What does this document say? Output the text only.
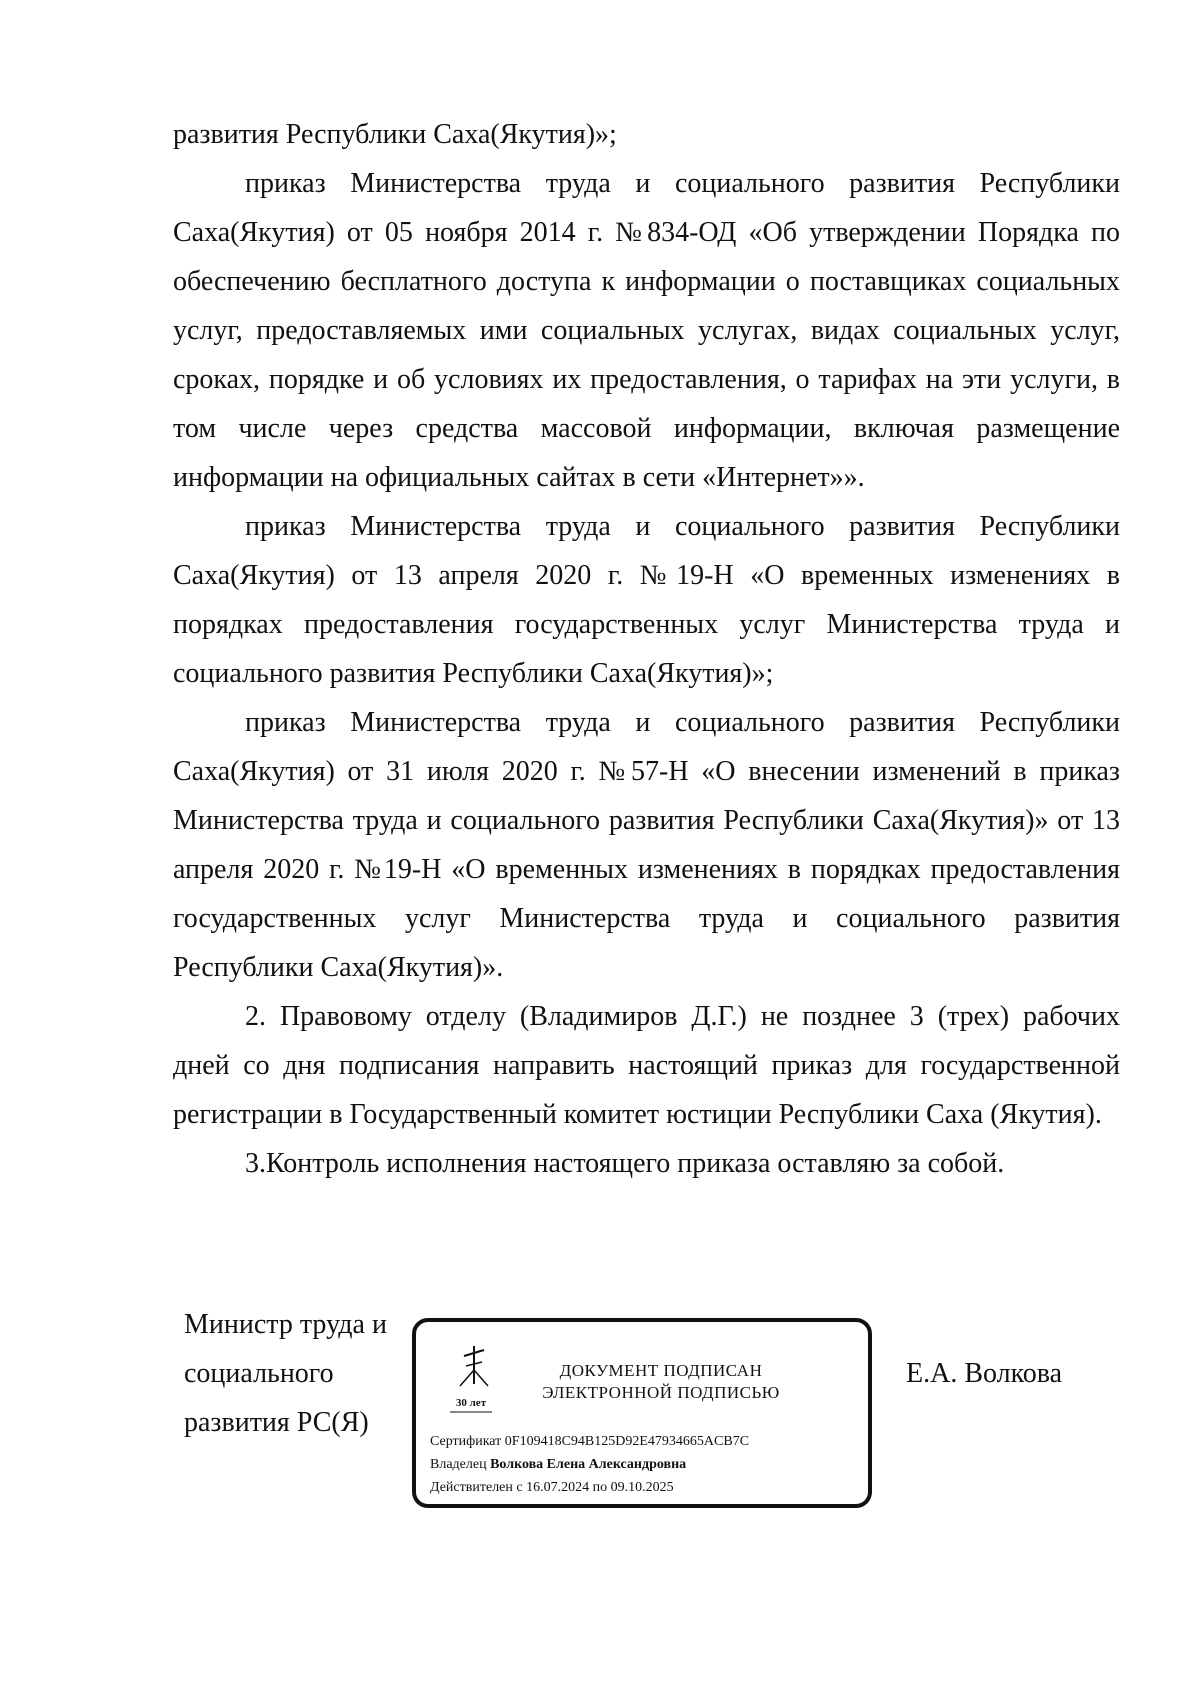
развития Республики Саха(Якутия)»;

приказ Министерства труда и социального развития Республики Саха(Якутия) от 05 ноября 2014 г. №834-ОД «Об утверждении Порядка по обеспечению бесплатного доступа к информации о поставщиках социальных услуг, предоставляемых ими социальных услугах, видах социальных услуг, сроках, порядке и об условиях их предоставления, о тарифах на эти услуги, в том числе через средства массовой информации, включая размещение информации на официальных сайтах в сети «Интернет»».

приказ Министерства труда и социального развития Республики Саха(Якутия) от 13 апреля 2020 г. №19-Н «О временных изменениях в порядках предоставления государственных услуг Министерства труда и социального развития Республики Саха(Якутия)»;

приказ Министерства труда и социального развития Республики Саха(Якутия) от 31 июля 2020 г. №57-Н «О внесении изменений в приказ Министерства труда и социального развития Республики Саха(Якутия)» от 13 апреля 2020 г. №19-Н «О временных изменениях в порядках предоставления государственных услуг Министерства труда и социального развития Республики Саха(Якутия)».

2. Правовому отделу (Владимиров Д.Г.) не позднее 3 (трех) рабочих дней со дня подписания направить настоящий приказ для государственной регистрации в Государственный комитет юстиции Республики Саха (Якутия).

3.Контроль исполнения настоящего приказа оставляю за собой.

Министр труда и
социального
развития РС(Я)
30 лет
ДОКУМЕНТ ПОДПИСАН
ЭЛЕКТРОННОЙ ПОДПИСЬЮ
Сертификат 0F109418C94B125D92E47934665ACB7C
Владелец Волкова Елена Александровна
Действителен с 16.07.2024 по 09.10.2025
Е.А. Волкова
